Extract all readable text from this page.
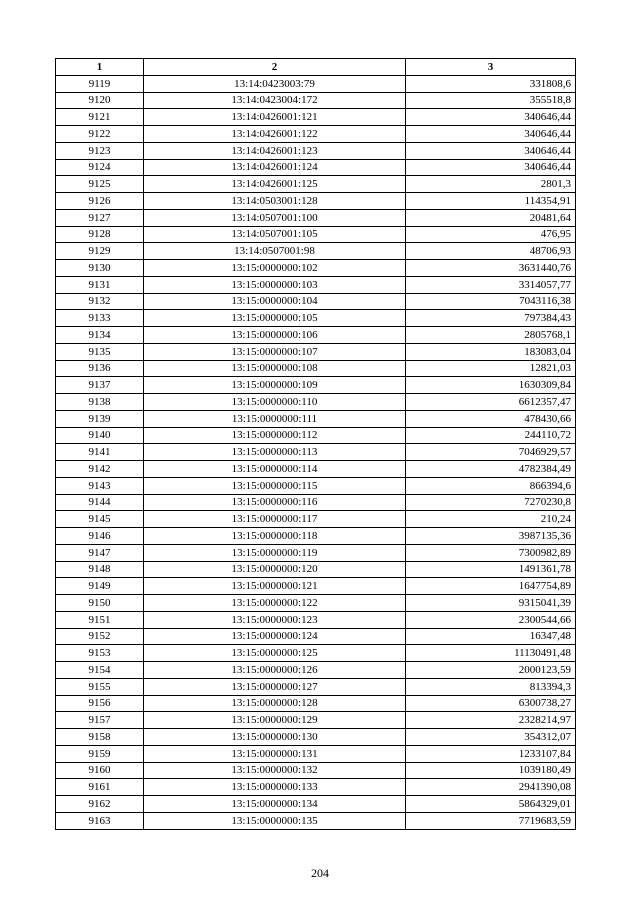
1	2	3
9119	13:14:0423003:79	331808,6
9120	13:14:0423004:172	355518,8
9121	13:14:0426001:121	340646,44
9122	13:14:0426001:122	340646,44
9123	13:14:0426001:123	340646,44
9124	13:14:0426001:124	340646,44
9125	13:14:0426001:125	2801,3
9126	13:14:0503001:128	114354,91
9127	13:14:0507001:100	20481,64
9128	13:14:0507001:105	476,95
9129	13:14:0507001:98	48706,93
9130	13:15:0000000:102	3631440,76
9131	13:15:0000000:103	3314057,77
9132	13:15:0000000:104	7043116,38
9133	13:15:0000000:105	797384,43
9134	13:15:0000000:106	2805768,1
9135	13:15:0000000:107	183083,04
9136	13:15:0000000:108	12821,03
9137	13:15:0000000:109	1630309,84
9138	13:15:0000000:110	6612357,47
9139	13:15:0000000:111	478430,66
9140	13:15:0000000:112	244110,72
9141	13:15:0000000:113	7046929,57
9142	13:15:0000000:114	4782384,49
9143	13:15:0000000:115	866394,6
9144	13:15:0000000:116	7270230,8
9145	13:15:0000000:117	210,24
9146	13:15:0000000:118	3987135,36
9147	13:15:0000000:119	7300982,89
9148	13:15:0000000:120	1491361,78
9149	13:15:0000000:121	1647754,89
9150	13:15:0000000:122	9315041,39
9151	13:15:0000000:123	2300544,66
9152	13:15:0000000:124	16347,48
9153	13:15:0000000:125	11130491,48
9154	13:15:0000000:126	2000123,59
9155	13:15:0000000:127	813394,3
9156	13:15:0000000:128	6300738,27
9157	13:15:0000000:129	2328214,97
9158	13:15:0000000:130	354312,07
9159	13:15:0000000:131	1233107,84
9160	13:15:0000000:132	1039180,49
9161	13:15:0000000:133	2941390,08
9162	13:15:0000000:134	5864329,01
9163	13:15:0000000:135	7719683,59
204
